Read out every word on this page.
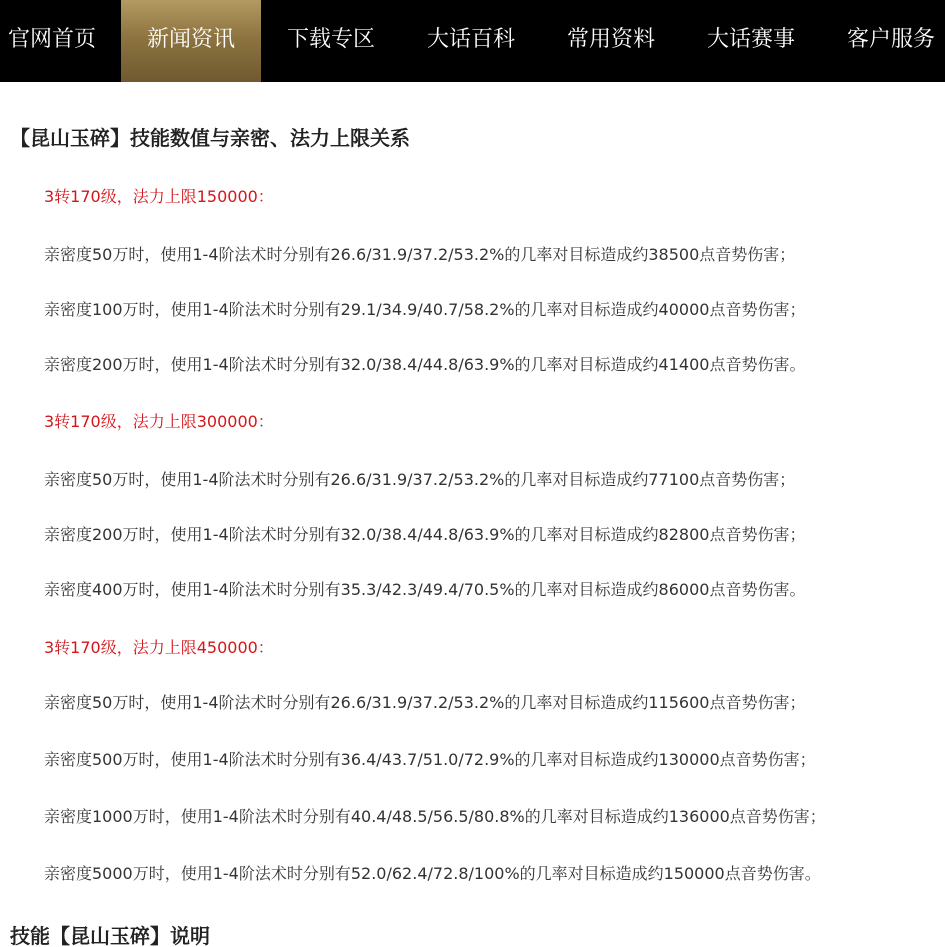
官网首页	新闻资讯	下载专区	大话百科	常用资料	大话赛事	客户服务
【昆山玉碎】技能数值与亲密、法力上限关系
3转170级，法力上限150000：
亲密度50万时，使用1-4阶法术时分别有26.6/31.9/37.2/53.2%的几率对目标造成约38500点音势伤害；
亲密度100万时，使用1-4阶法术时分别有29.1/34.9/40.7/58.2%的几率对目标造成约40000点音势伤害；
亲密度200万时，使用1-4阶法术时分别有32.0/38.4/44.8/63.9%的几率对目标造成约41400点音势伤害。
3转170级，法力上限300000：
亲密度50万时，使用1-4阶法术时分别有26.6/31.9/37.2/53.2%的几率对目标造成约77100点音势伤害；
亲密度200万时，使用1-4阶法术时分别有32.0/38.4/44.8/63.9%的几率对目标造成约82800点音势伤害；
亲密度400万时，使用1-4阶法术时分别有35.3/42.3/49.4/70.5%的几率对目标造成约86000点音势伤害。
3转170级，法力上限450000：
亲密度50万时，使用1-4阶法术时分别有26.6/31.9/37.2/53.2%的几率对目标造成约115600点音势伤害；
亲密度500万时，使用1-4阶法术时分别有36.4/43.7/51.0/72.9%的几率对目标造成约130000点音势伤害；
亲密度1000万时，使用1-4阶法术时分别有40.4/48.5/56.5/80.8%的几率对目标造成约136000点音势伤害；
亲密度5000万时，使用1-4阶法术时分别有52.0/62.4/72.8/100%的几率对目标造成约150000点音势伤害。
技能【昆山玉碎】说明
